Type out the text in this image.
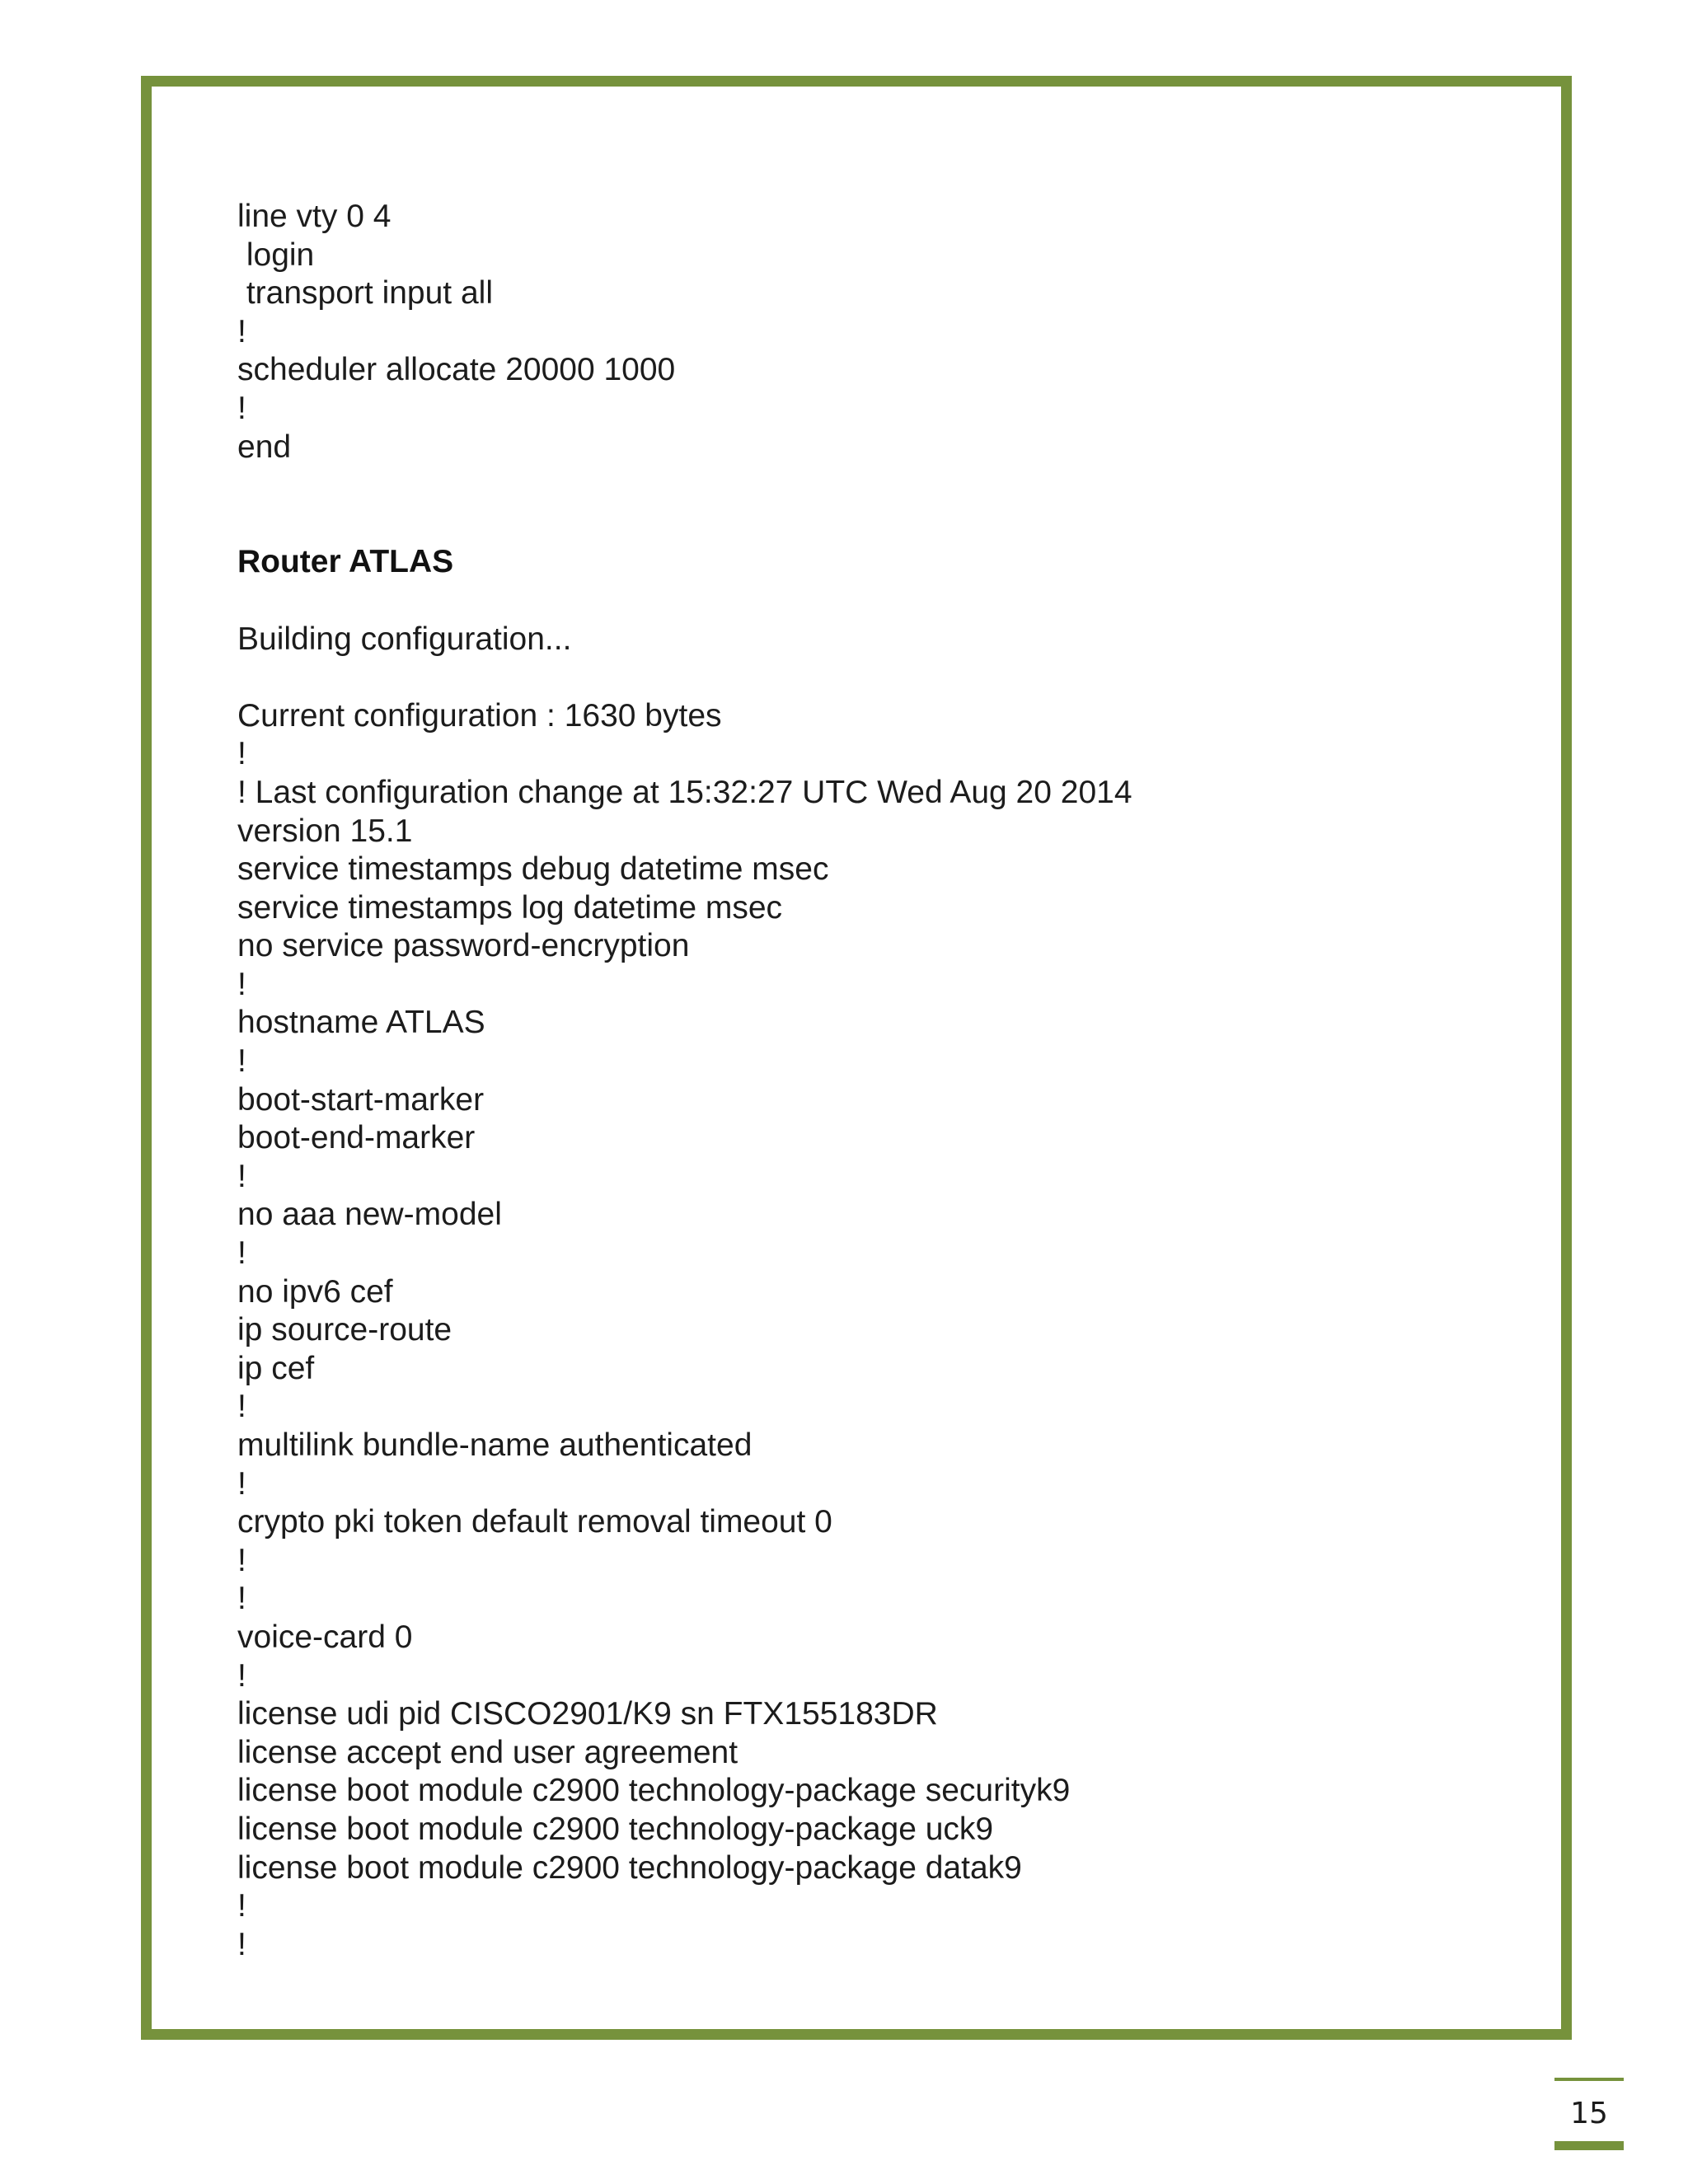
line vty 0 4
login
transport input all
!
scheduler allocate 20000 1000
!
end
Router ATLAS
Building configuration...
Current configuration : 1630 bytes
!
! Last configuration change at 15:32:27 UTC Wed Aug 20 2014
version 15.1
service timestamps debug datetime msec
service timestamps log datetime msec
no service password-encryption
!
hostname ATLAS
!
boot-start-marker
boot-end-marker
!
no aaa new-model
!
no ipv6 cef
ip source-route
ip cef
!
multilink bundle-name authenticated
!
crypto pki token default removal timeout 0
!
!
voice-card 0
!
license udi pid CISCO2901/K9 sn FTX155183DR
license accept end user agreement
license boot module c2900 technology-package securityk9
license boot module c2900 technology-package uck9
license boot module c2900 technology-package datak9
!
!
15
